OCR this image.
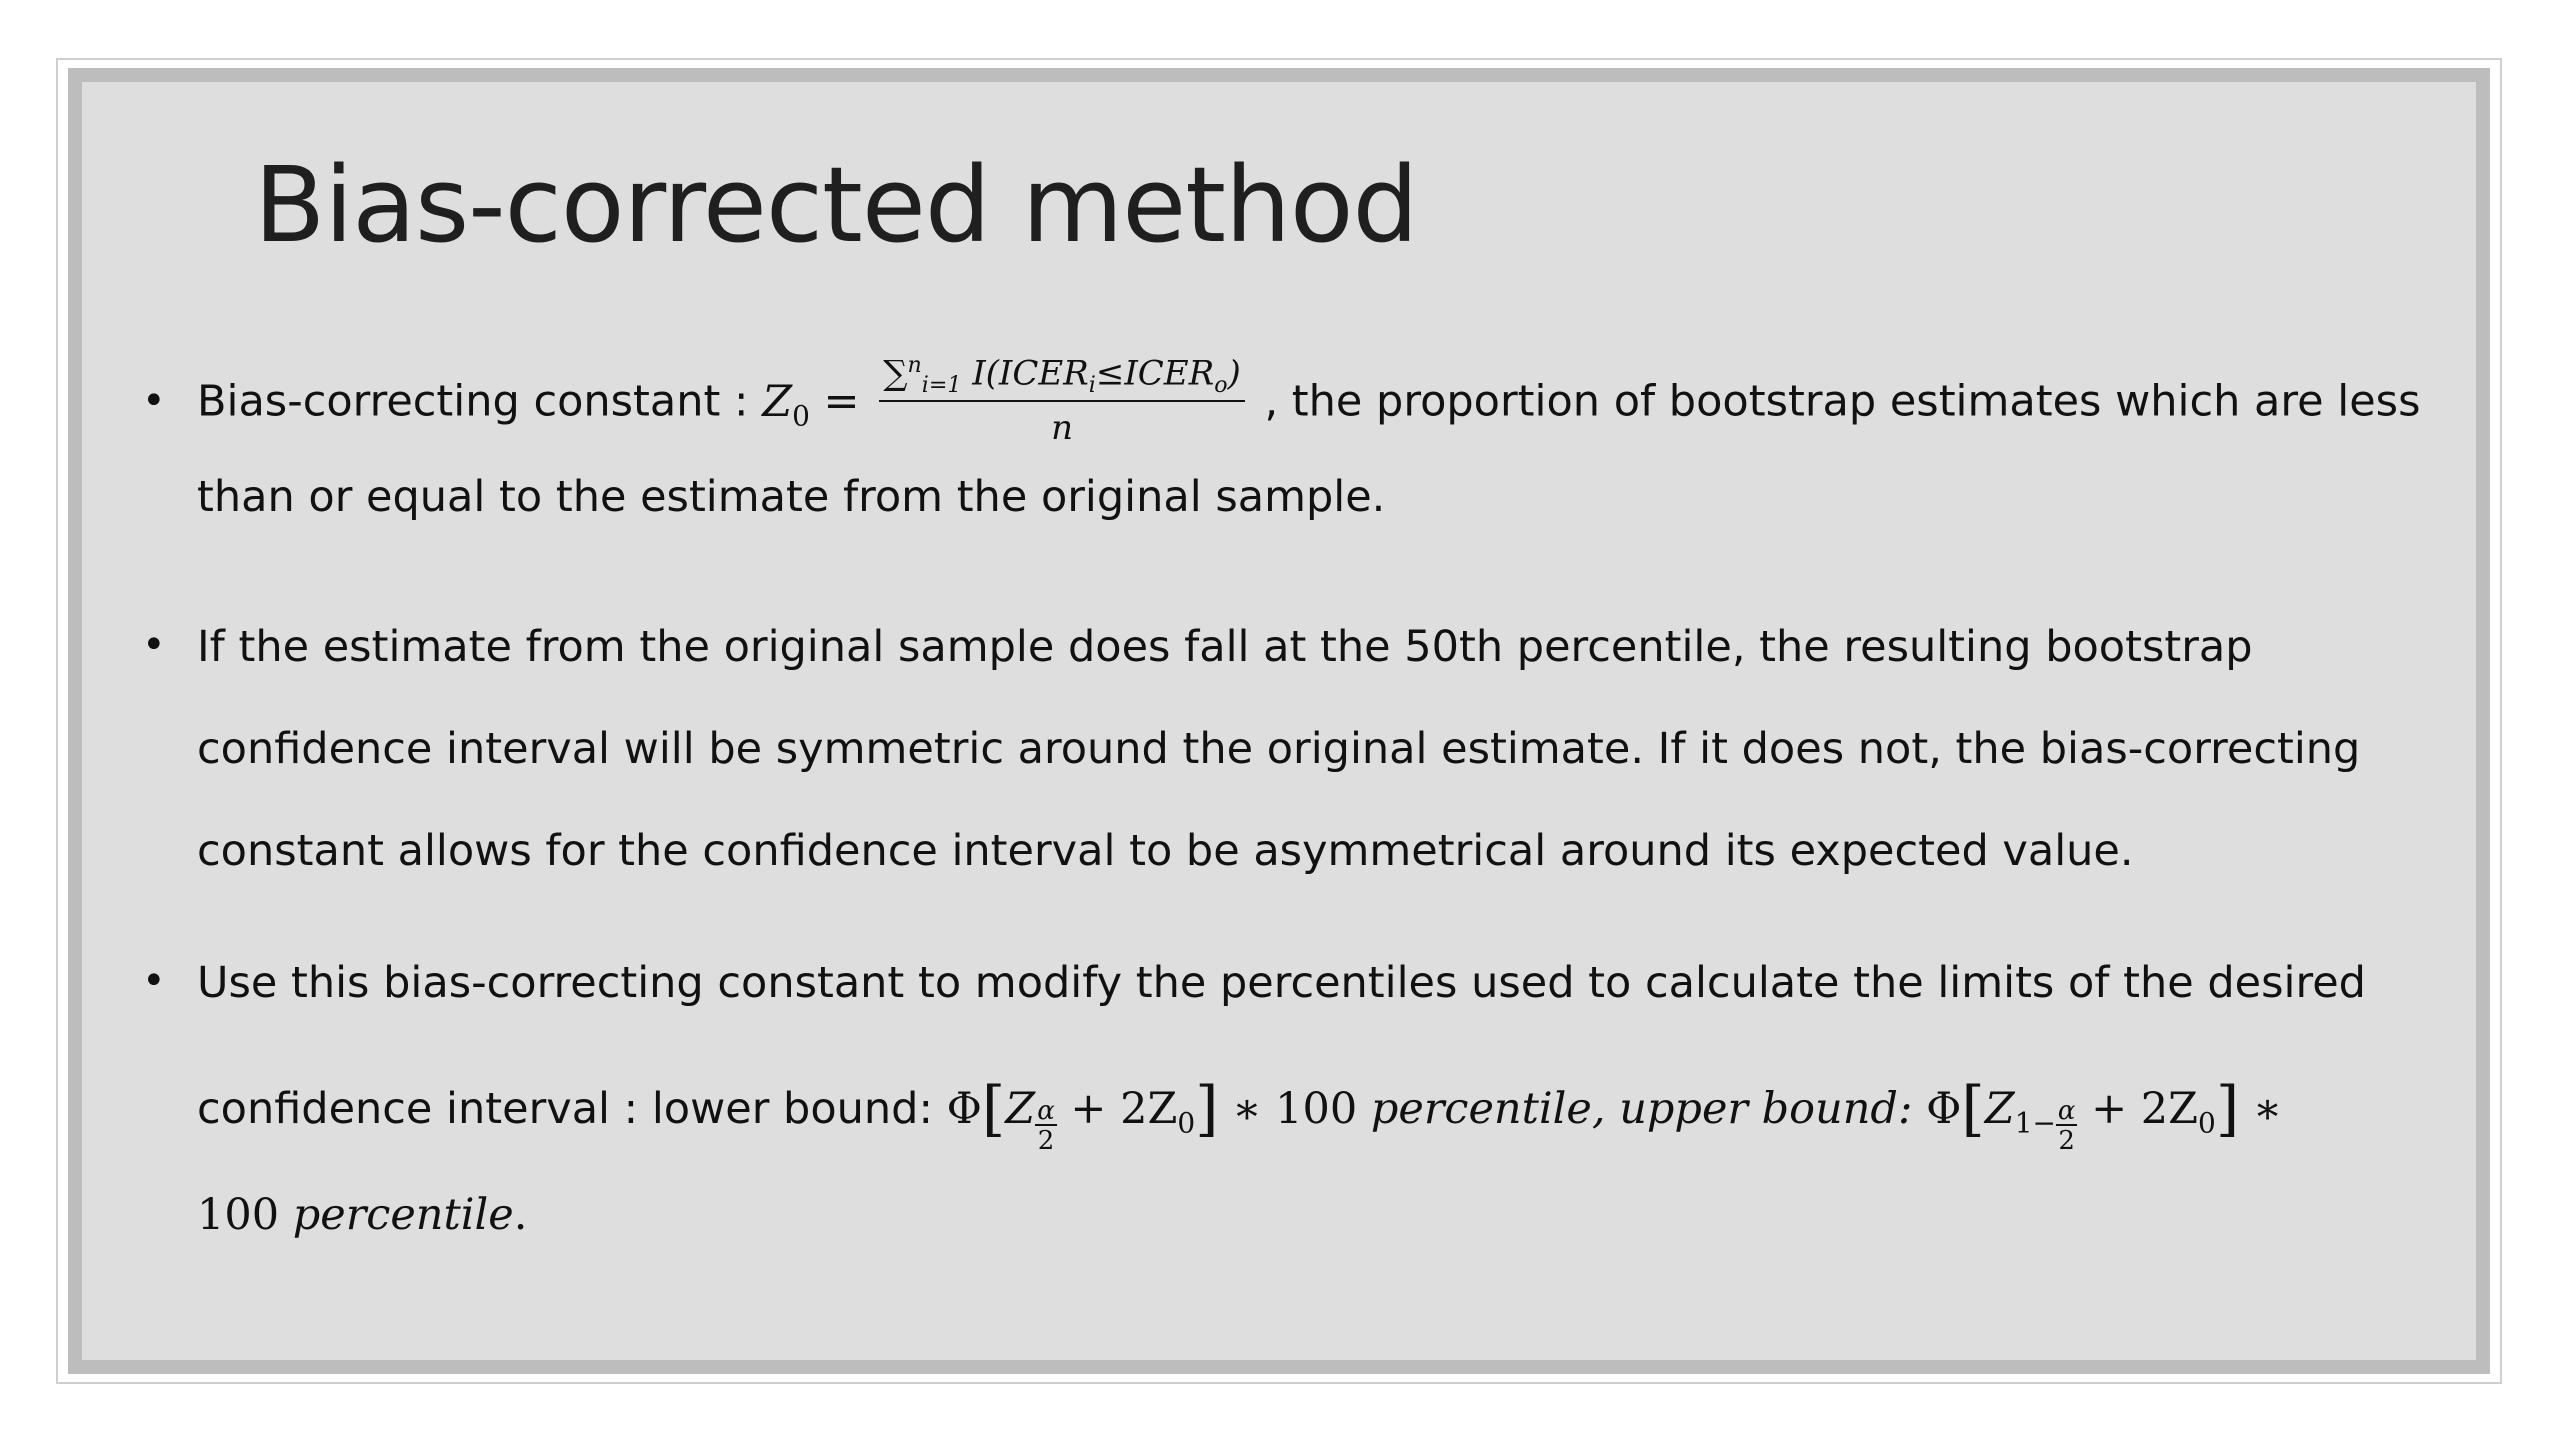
Bias-corrected method
• Bias-correcting constant : $Z_0 = \frac{\sum^n_{i=1} I(ICER_i\le ICER_o)}{n}$ , the proportion of bootstrap estimates which are less
than or equal to the estimate from the original sample.
• If the estimate from the original sample does fall at the 50th percentile, the resulting bootstrap
confidence interval will be symmetric around the original estimate. If it does not, the bias-correcting
constant allows for the confidence interval to be asymmetrical around its expected value.
• Use this bias-correcting constant to modify the percentiles used to calculate the limits of the desired
confidence interval : lower bound: $\Phi[Z \frac{\alpha}{2} + 2Z_0]$ ∗ 100 percentile, upper bound: $\Phi[Z_{1-} \frac{\alpha}{2} + 2Z_0]$ ∗
100 percentile.
